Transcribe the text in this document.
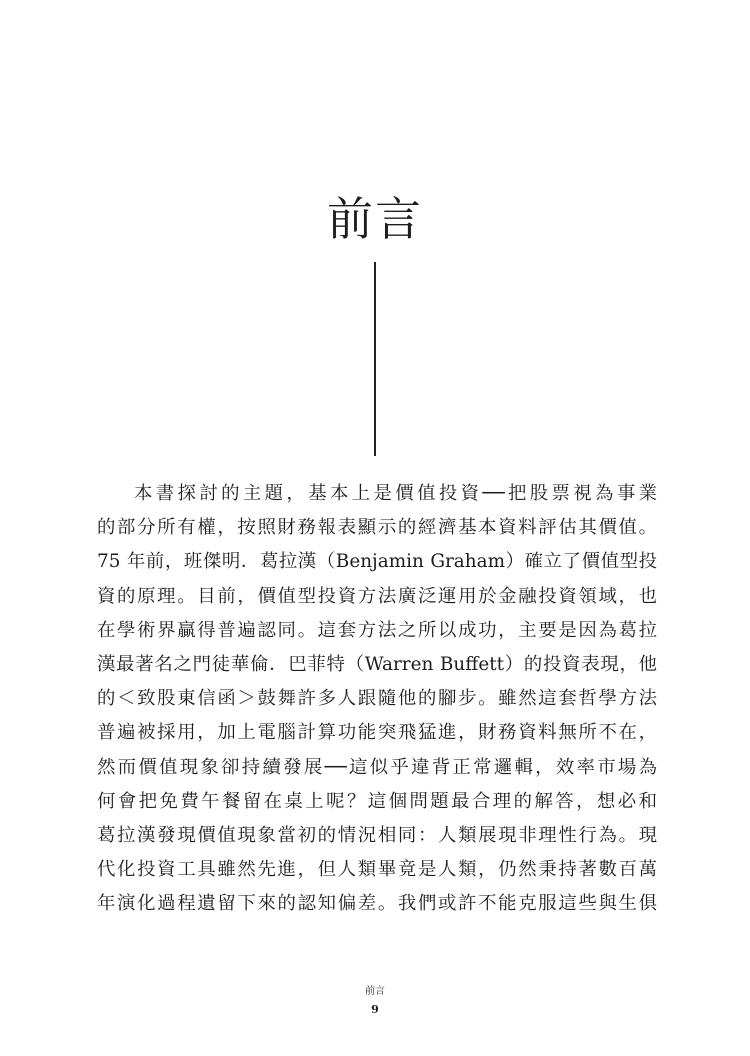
前言
本書探討的主題，基本上是價值投資──把股票視為事業
的部分所有權，按照財務報表顯示的經濟基本資料評估其價值。
75 年前，班傑明．葛拉漢（Benjamin Graham）確立了價值型投
資的原理。目前，價值型投資方法廣泛運用於金融投資領域，也
在學術界贏得普遍認同。這套方法之所以成功，主要是因為葛拉
漢最著名之門徒華倫．巴菲特（Warren Buffett）的投資表現，他
的＜致股東信函＞鼓舞許多人跟隨他的腳步。雖然這套哲學方法
普遍被採用，加上電腦計算功能突飛猛進，財務資料無所不在，
然而價值現象卻持續發展──這似乎違背正常邏輯，效率市場為
何會把免費午餐留在桌上呢？這個問題最合理的解答，想必和
葛拉漢發現價值現象當初的情況相同：人類展現非理性行為。現
代化投資工具雖然先進，但人類畢竟是人類，仍然秉持著數百萬
年演化過程遺留下來的認知偏差。我們或許不能克服這些與生俱
前言
9
